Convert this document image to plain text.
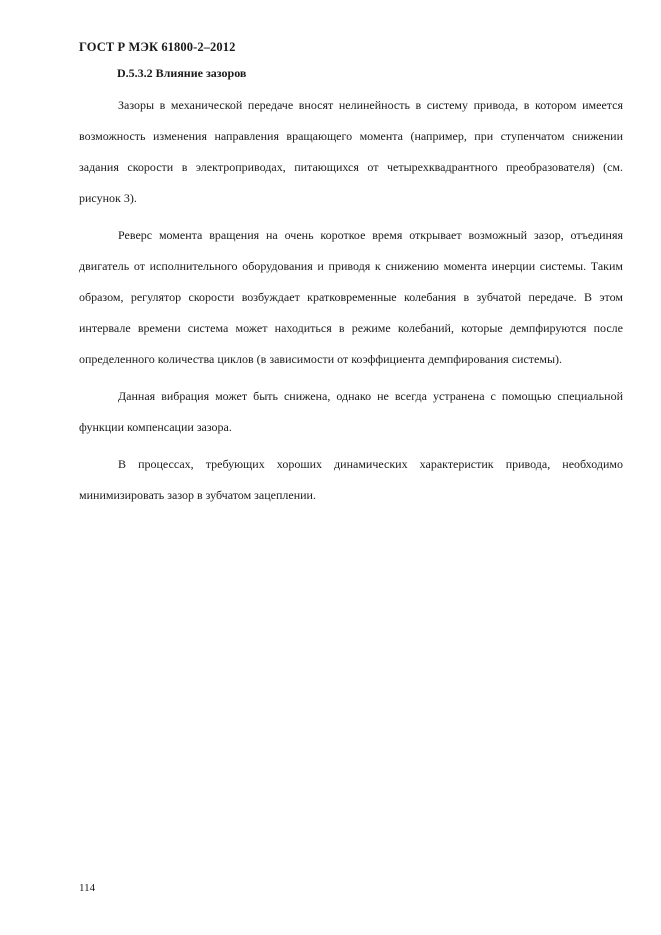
ГОСТ Р МЭК 61800-2–2012
D.5.3.2 Влияние зазоров

Зазоры в механической передаче вносят нелинейность в систему привода, в котором имеется возможность изменения направления вращающего момента (например, при ступенчатом снижении задания скорости в электроприводах, питающихся от четырехквадрантного преобразователя) (см. рисунок 3).

Реверс момента вращения на очень короткое время открывает возможный зазор, отъединяя двигатель от исполнительного оборудования и приводя к снижению момента инерции системы. Таким образом, регулятор скорости возбуждает кратковременные колебания в зубчатой передаче. В этом интервале времени система может находиться в режиме колебаний, которые демпфируются после определенного количества циклов (в зависимости от коэффициента демпфирования системы).

Данная вибрация может быть снижена, однако не всегда устранена с помощью специальной функции компенсации зазора.

В процессах, требующих хороших динамических характеристик привода, необходимо минимизировать зазор в зубчатом зацеплении.

114
